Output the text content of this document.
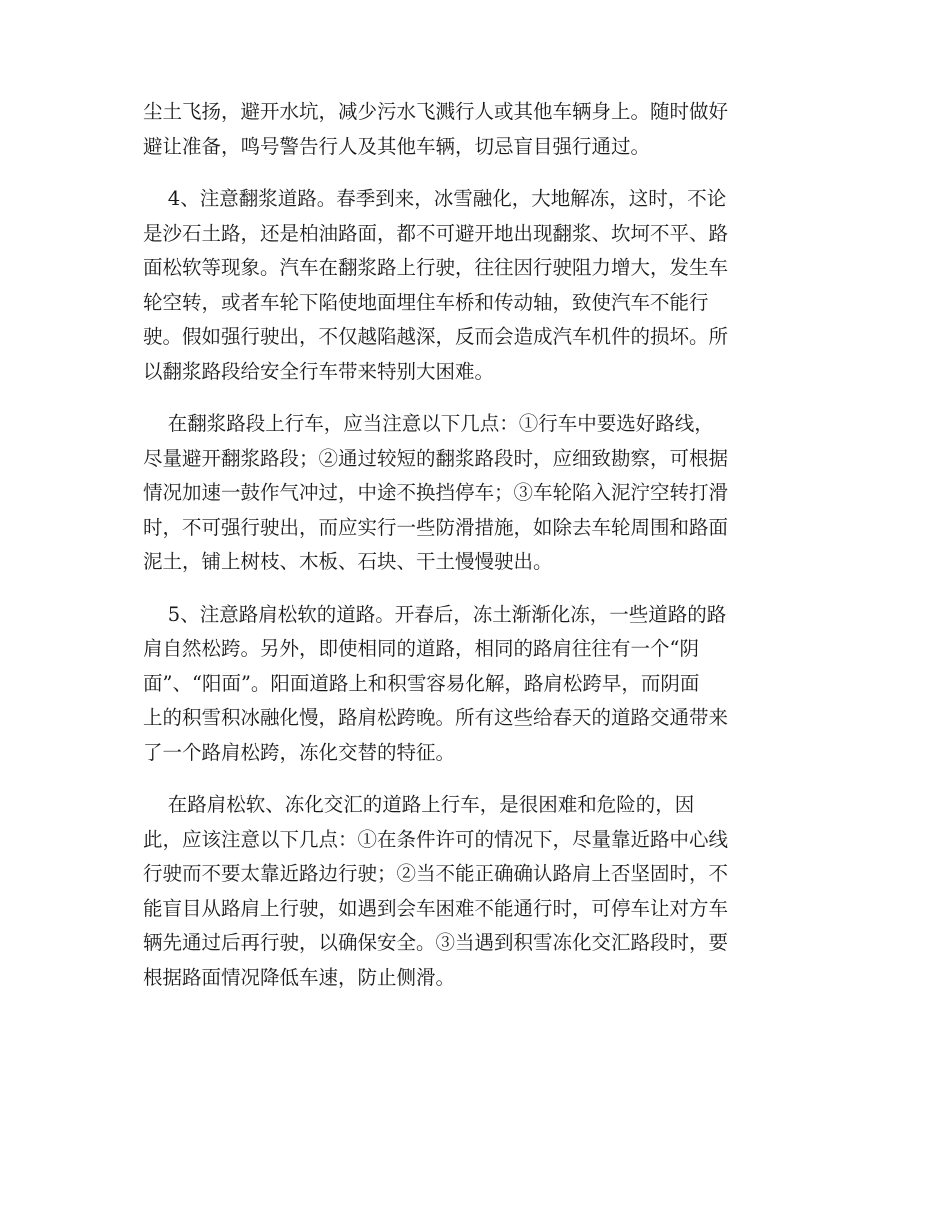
尘土飞扬，避开水坑，减少污水飞溅行人或其他车辆身上。随时做好
避让准备，鸣号警告行人及其他车辆，切忌盲目强行通过。
4、注意翻浆道路。春季到来，冰雪融化，大地解冻，这时，不论
是沙石土路，还是柏油路面，都不可避开地出现翻浆、坎坷不平、路
面松软等现象。汽车在翻浆路上行驶，往往因行驶阻力增大，发生车
轮空转，或者车轮下陷使地面埋住车桥和传动轴，致使汽车不能行
驶。假如强行驶出，不仅越陷越深，反而会造成汽车机件的损坏。所
以翻浆路段给安全行车带来特别大困难。
在翻浆路段上行车，应当注意以下几点：①行车中要选好路线，
尽量避开翻浆路段；②通过较短的翻浆路段时，应细致勘察，可根据
情况加速一鼓作气冲过，中途不换挡停车；③车轮陷入泥泞空转打滑
时，不可强行驶出，而应实行一些防滑措施，如除去车轮周围和路面
泥土，铺上树枝、木板、石块、干土慢慢驶出。
5、注意路肩松软的道路。开春后，冻土渐渐化冻，一些道路的路
肩自然松跨。另外，即使相同的道路，相同的路肩往往有一个“阴
面”、“阳面”。阳面道路上和积雪容易化解，路肩松跨早，而阴面
上的积雪积冰融化慢，路肩松跨晚。所有这些给春天的道路交通带来
了一个路肩松跨，冻化交替的特征。
在路肩松软、冻化交汇的道路上行车，是很困难和危险的，因
此，应该注意以下几点：①在条件许可的情况下，尽量靠近路中心线
行驶而不要太靠近路边行驶；②当不能正确确认路肩上否坚固时，不
能盲目从路肩上行驶，如遇到会车困难不能通行时，可停车让对方车
辆先通过后再行驶，以确保安全。③当遇到积雪冻化交汇路段时，要
根据路面情况降低车速，防止侧滑。
